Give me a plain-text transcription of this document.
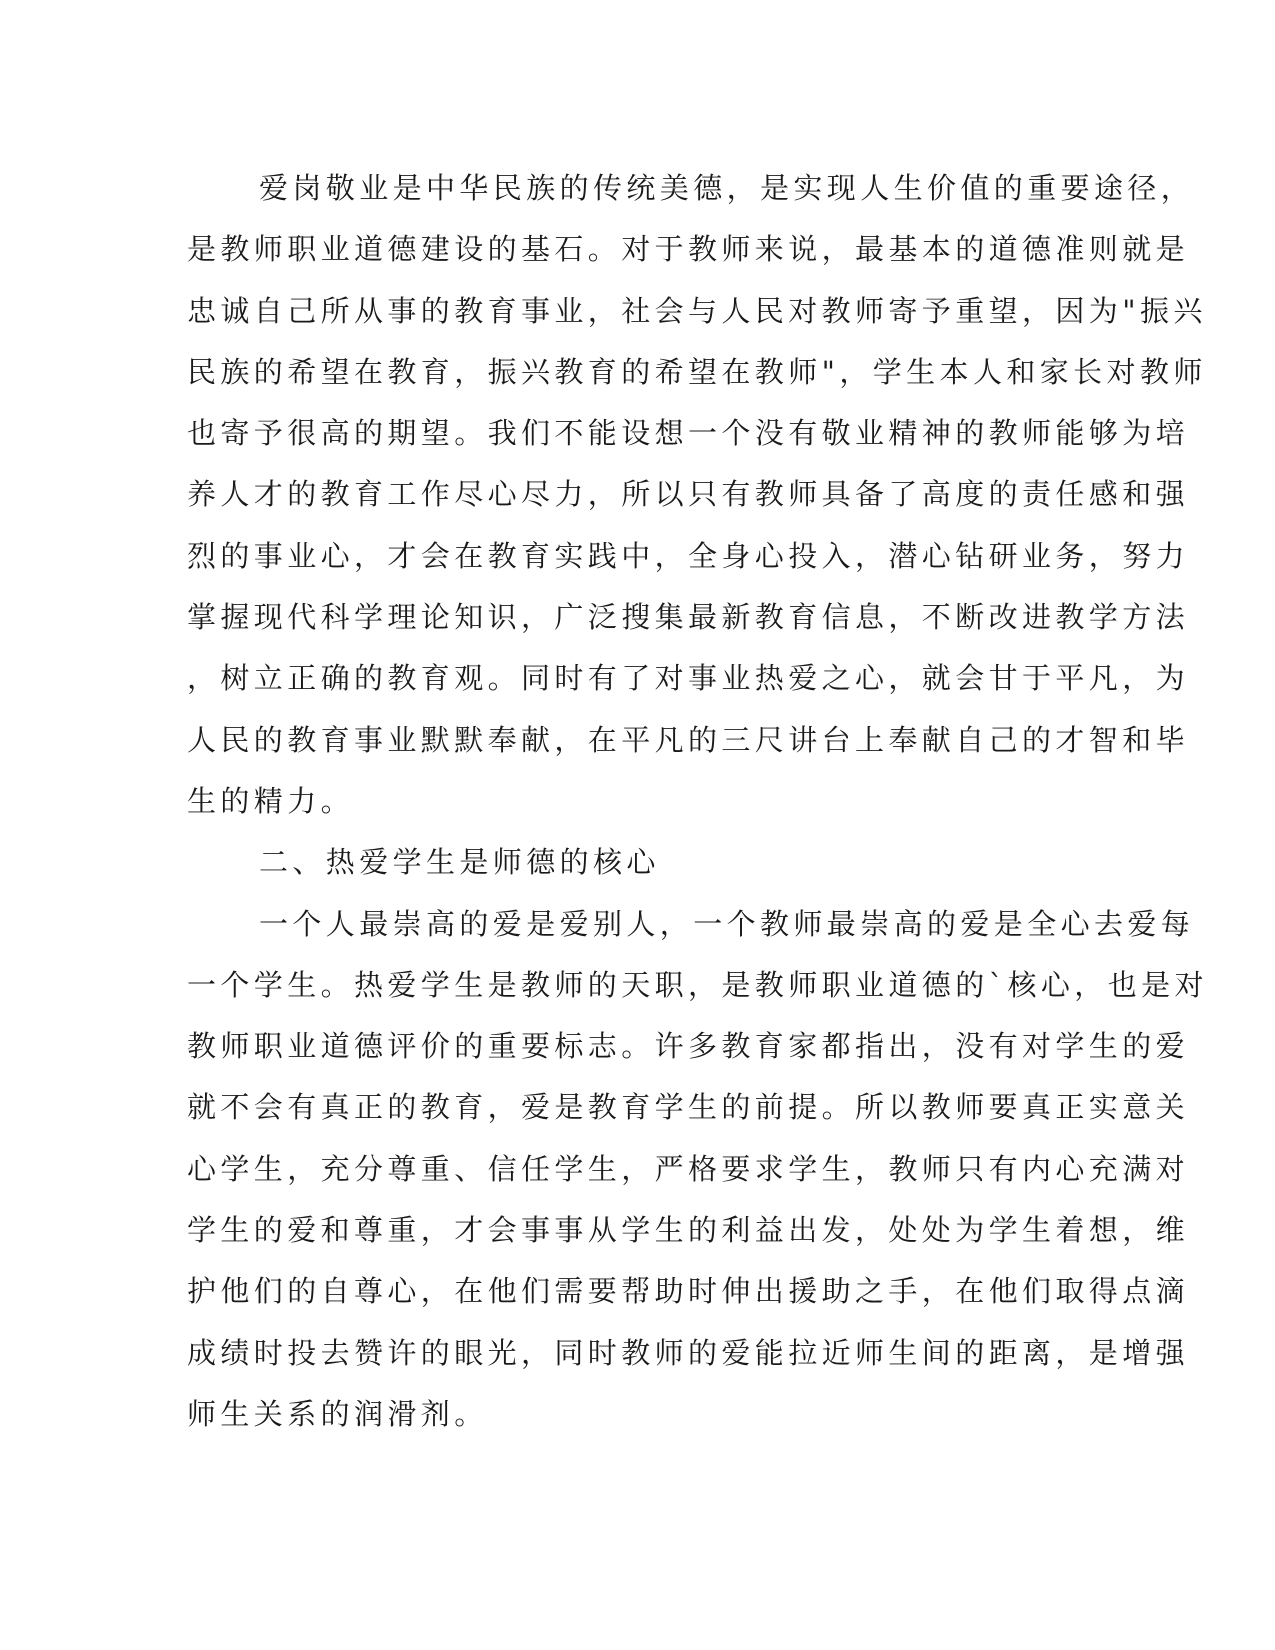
爱岗敬业是中华民族的传统美德，是实现人生价值的重要途径，
是教师职业道德建设的基石。对于教师来说，最基本的道德准则就是
忠诚自己所从事的教育事业，社会与人民对教师寄予重望，因为"振兴
民族的希望在教育，振兴教育的希望在教师"，学生本人和家长对教师
也寄予很高的期望。我们不能设想一个没有敬业精神的教师能够为培
养人才的教育工作尽心尽力，所以只有教师具备了高度的责任感和强
烈的事业心，才会在教育实践中，全身心投入，潜心钻研业务，努力
掌握现代科学理论知识，广泛搜集最新教育信息，不断改进教学方法
，树立正确的教育观。同时有了对事业热爱之心，就会甘于平凡，为
人民的教育事业默默奉献，在平凡的三尺讲台上奉献自己的才智和毕
生的精力。
二、热爱学生是师德的核心
一个人最崇高的爱是爱别人，一个教师最崇高的爱是全心去爱每
一个学生。热爱学生是教师的天职，是教师职业道德的`核心，也是对
教师职业道德评价的重要标志。许多教育家都指出，没有对学生的爱
就不会有真正的教育，爱是教育学生的前提。所以教师要真正实意关
心学生，充分尊重、信任学生，严格要求学生，教师只有内心充满对
学生的爱和尊重，才会事事从学生的利益出发，处处为学生着想，维
护他们的自尊心，在他们需要帮助时伸出援助之手，在他们取得点滴
成绩时投去赞许的眼光，同时教师的爱能拉近师生间的距离，是增强
师生关系的润滑剂。
